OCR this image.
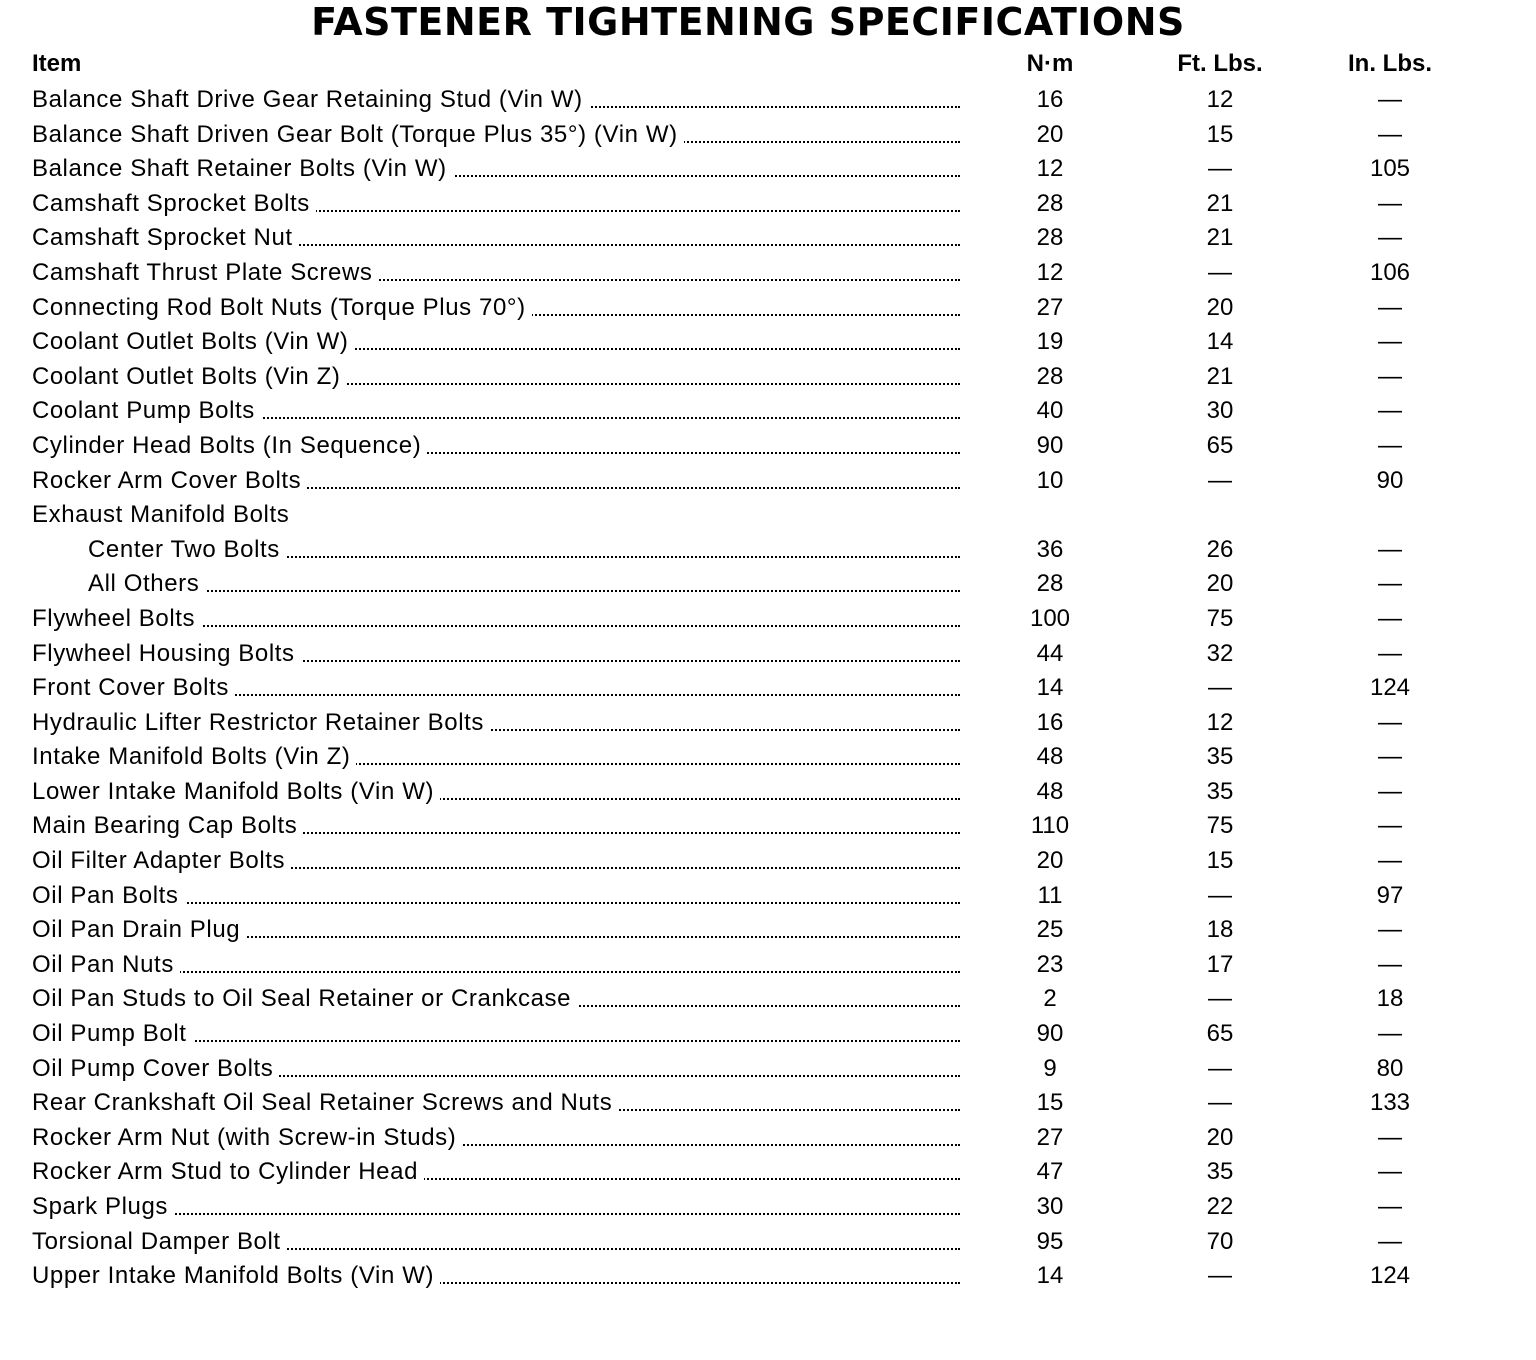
FASTENER TIGHTENING SPECIFICATIONS
Item	N·m	Ft. Lbs.	In. Lbs.
Balance Shaft Drive Gear Retaining Stud (Vin W)	16	12	—
Balance Shaft Driven Gear Bolt (Torque Plus 35°) (Vin W)	20	15	—
Balance Shaft Retainer Bolts (Vin W)	12	—	105
Camshaft Sprocket Bolts	28	21	—
Camshaft Sprocket Nut	28	21	—
Camshaft Thrust Plate Screws	12	—	106
Connecting Rod Bolt Nuts (Torque Plus 70°)	27	20	—
Coolant Outlet Bolts (Vin W)	19	14	—
Coolant Outlet Bolts (Vin Z)	28	21	—
Coolant Pump Bolts	40	30	—
Cylinder Head Bolts (In Sequence)	90	65	—
Rocker Arm Cover Bolts	10	—	90
Exhaust Manifold Bolts
Center Two Bolts	36	26	—
All Others	28	20	—
Flywheel Bolts	100	75	—
Flywheel Housing Bolts	44	32	—
Front Cover Bolts	14	—	124
Hydraulic Lifter Restrictor Retainer Bolts	16	12	—
Intake Manifold Bolts (Vin Z)	48	35	—
Lower Intake Manifold Bolts (Vin W)	48	35	—
Main Bearing Cap Bolts	110	75	—
Oil Filter Adapter Bolts	20	15	—
Oil Pan Bolts	11	—	97
Oil Pan Drain Plug	25	18	—
Oil Pan Nuts	23	17	—
Oil Pan Studs to Oil Seal Retainer or Crankcase	2	—	18
Oil Pump Bolt	90	65	—
Oil Pump Cover Bolts	9	—	80
Rear Crankshaft Oil Seal Retainer Screws and Nuts	15	—	133
Rocker Arm Nut (with Screw-in Studs)	27	20	—
Rocker Arm Stud to Cylinder Head	47	35	—
Spark Plugs	30	22	—
Torsional Damper Bolt	95	70	—
Upper Intake Manifold Bolts (Vin W)	14	—	124
